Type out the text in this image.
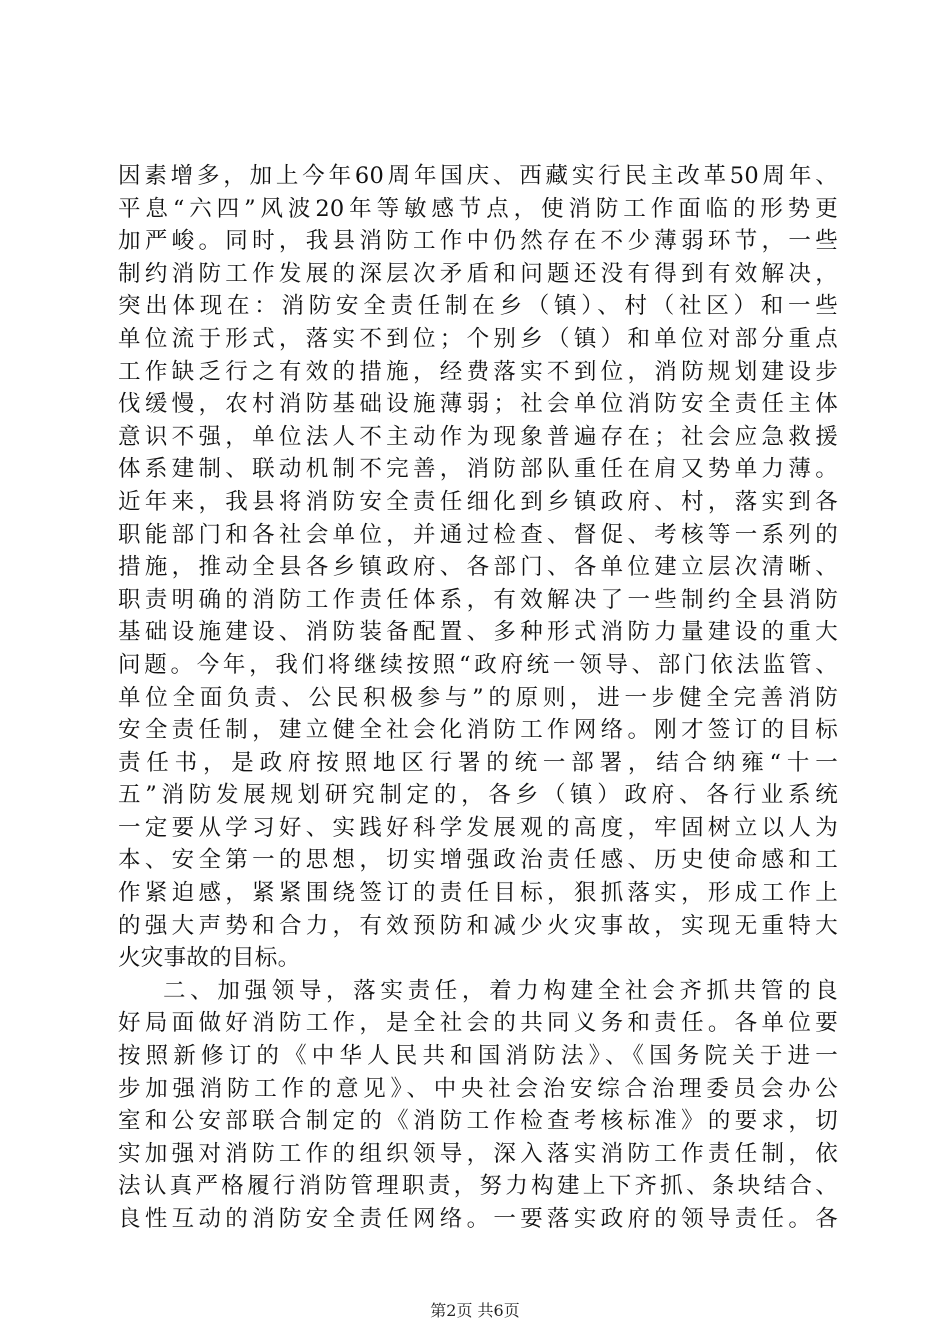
因素增多，加上今年60周年国庆、西藏实行民主改革50周年、
平息“六四”风波20年等敏感节点，使消防工作面临的形势更
加严峻。同时，我县消防工作中仍然存在不少薄弱环节，一些
制约消防工作发展的深层次矛盾和问题还没有得到有效解决，
突出体现在：消防安全责任制在乡（镇）、村（社区）和一些
单位流于形式，落实不到位；个别乡（镇）和单位对部分重点
工作缺乏行之有效的措施，经费落实不到位，消防规划建设步
伐缓慢，农村消防基础设施薄弱；社会单位消防安全责任主体
意识不强，单位法人不主动作为现象普遍存在；社会应急救援
体系建制、联动机制不完善，消防部队重任在肩又势单力薄。
近年来，我县将消防安全责任细化到乡镇政府、村，落实到各
职能部门和各社会单位，并通过检查、督促、考核等一系列的
措施，推动全县各乡镇政府、各部门、各单位建立层次清晰、
职责明确的消防工作责任体系，有效解决了一些制约全县消防
基础设施建设、消防装备配置、多种形式消防力量建设的重大
问题。今年，我们将继续按照“政府统一领导、部门依法监管、
单位全面负责、公民积极参与”的原则，进一步健全完善消防
安全责任制，建立健全社会化消防工作网络。刚才签订的目标
责任书，是政府按照地区行署的统一部署，结合纳雍“十一
五”消防发展规划研究制定的，各乡（镇）政府、各行业系统
一定要从学习好、实践好科学发展观的高度，牢固树立以人为
本、安全第一的思想，切实增强政治责任感、历史使命感和工
作紧迫感，紧紧围绕签订的责任目标，狠抓落实，形成工作上
的强大声势和合力，有效预防和减少火灾事故，实现无重特大
火灾事故的目标。
二、加强领导，落实责任，着力构建全社会齐抓共管的良
好局面做好消防工作，是全社会的共同义务和责任。各单位要
按照新修订的《中华人民共和国消防法》、《国务院关于进一
步加强消防工作的意见》、中央社会治安综合治理委员会办公
室和公安部联合制定的《消防工作检查考核标准》的要求，切
实加强对消防工作的组织领导，深入落实消防工作责任制，依
法认真严格履行消防管理职责，努力构建上下齐抓、条块结合、
良性互动的消防安全责任网络。一要落实政府的领导责任。各
第2页 共6页
